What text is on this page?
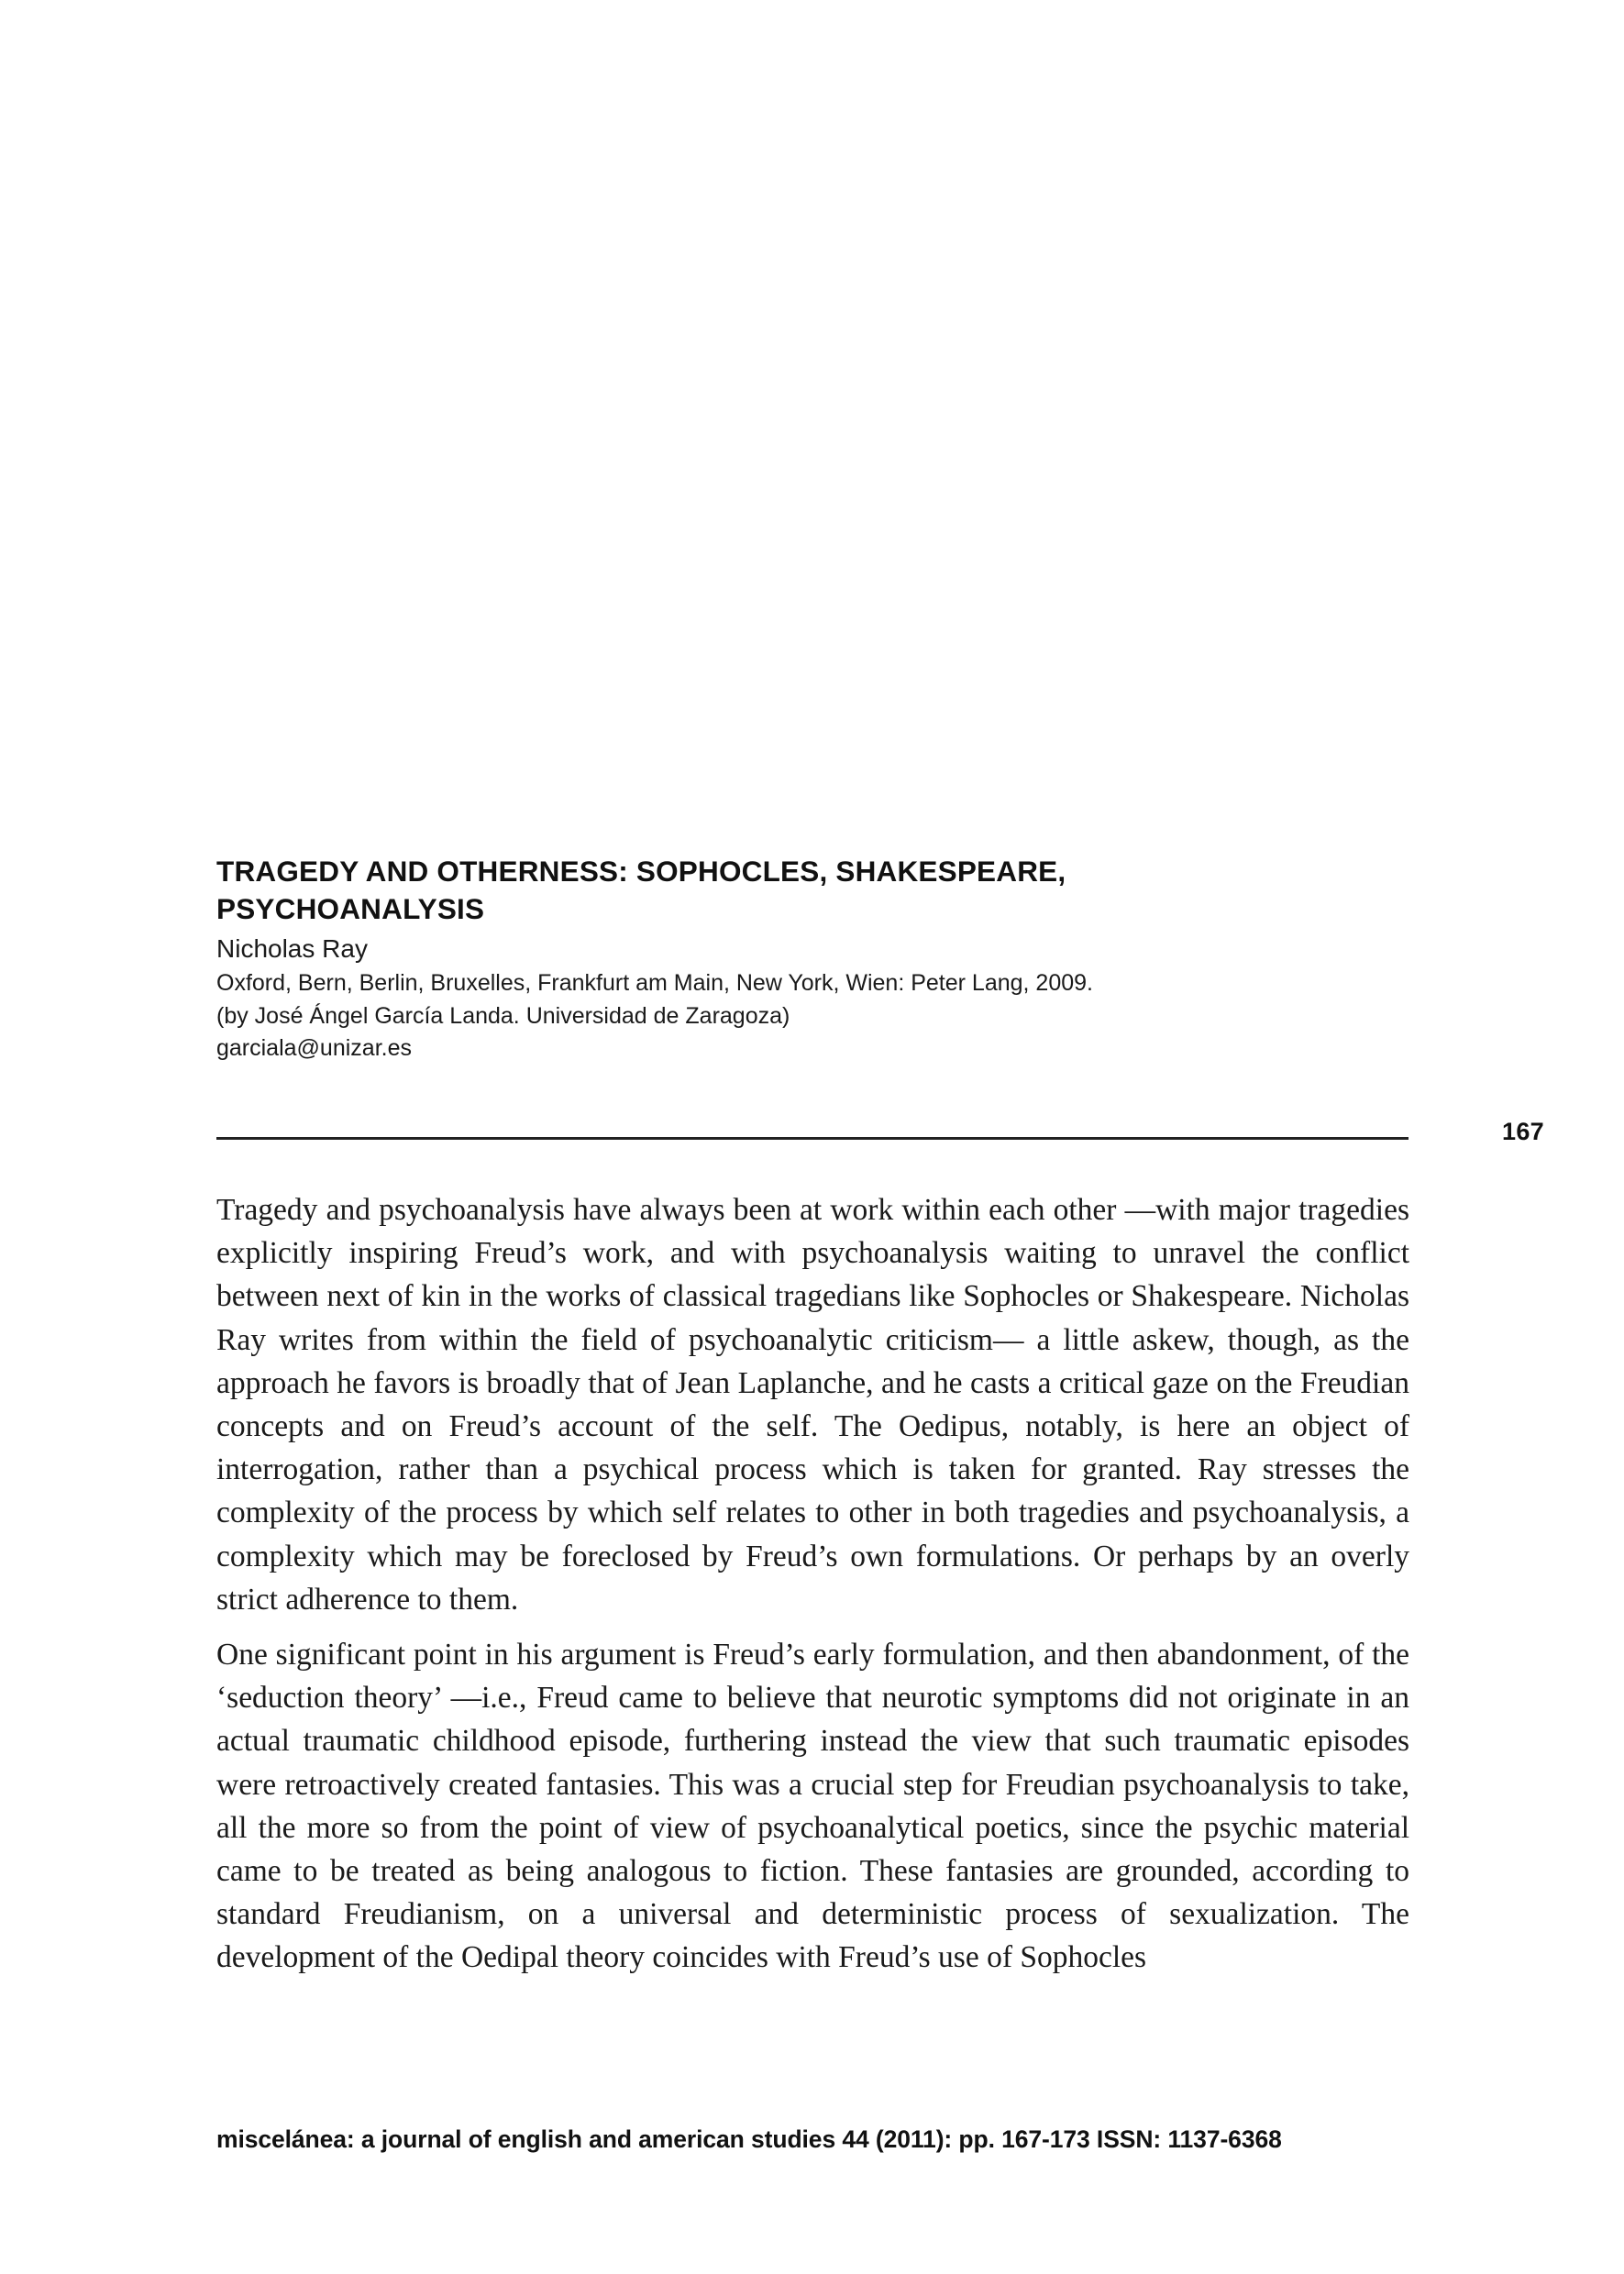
TRAGEDY AND OTHERNESS: SOPHOCLES, SHAKESPEARE, PSYCHOANALYSIS
Nicholas Ray
Oxford, Bern, Berlin, Bruxelles, Frankfurt am Main, New York, Wien: Peter Lang, 2009.
(by José Ángel García Landa. Universidad de Zaragoza)
garciala@unizar.es
167

Tragedy and psychoanalysis have always been at work within each other —with major tragedies explicitly inspiring Freud’s work, and with psychoanalysis waiting to unravel the conflict between next of kin in the works of classical tragedians like Sophocles or Shakespeare. Nicholas Ray writes from within the field of psychoanalytic criticism— a little askew, though, as the approach he favors is broadly that of Jean Laplanche, and he casts a critical gaze on the Freudian concepts and on Freud’s account of the self. The Oedipus, notably, is here an object of interrogation, rather than a psychical process which is taken for granted. Ray stresses the complexity of the process by which self relates to other in both tragedies and psychoanalysis, a complexity which may be foreclosed by Freud’s own formulations. Or perhaps by an overly strict adherence to them.

One significant point in his argument is Freud’s early formulation, and then abandonment, of the ‘seduction theory’ —i.e., Freud came to believe that neurotic symptoms did not originate in an actual traumatic childhood episode, furthering instead the view that such traumatic episodes were retroactively created fantasies. This was a crucial step for Freudian psychoanalysis to take, all the more so from the point of view of psychoanalytical poetics, since the psychic material came to be treated as being analogous to fiction. These fantasies are grounded, according to standard Freudianism, on a universal and deterministic process of sexualization. The development of the Oedipal theory coincides with Freud’s use of Sophocles

miscelánea: a journal of english and american studies 44 (2011): pp. 167-173 ISSN: 1137-6368
